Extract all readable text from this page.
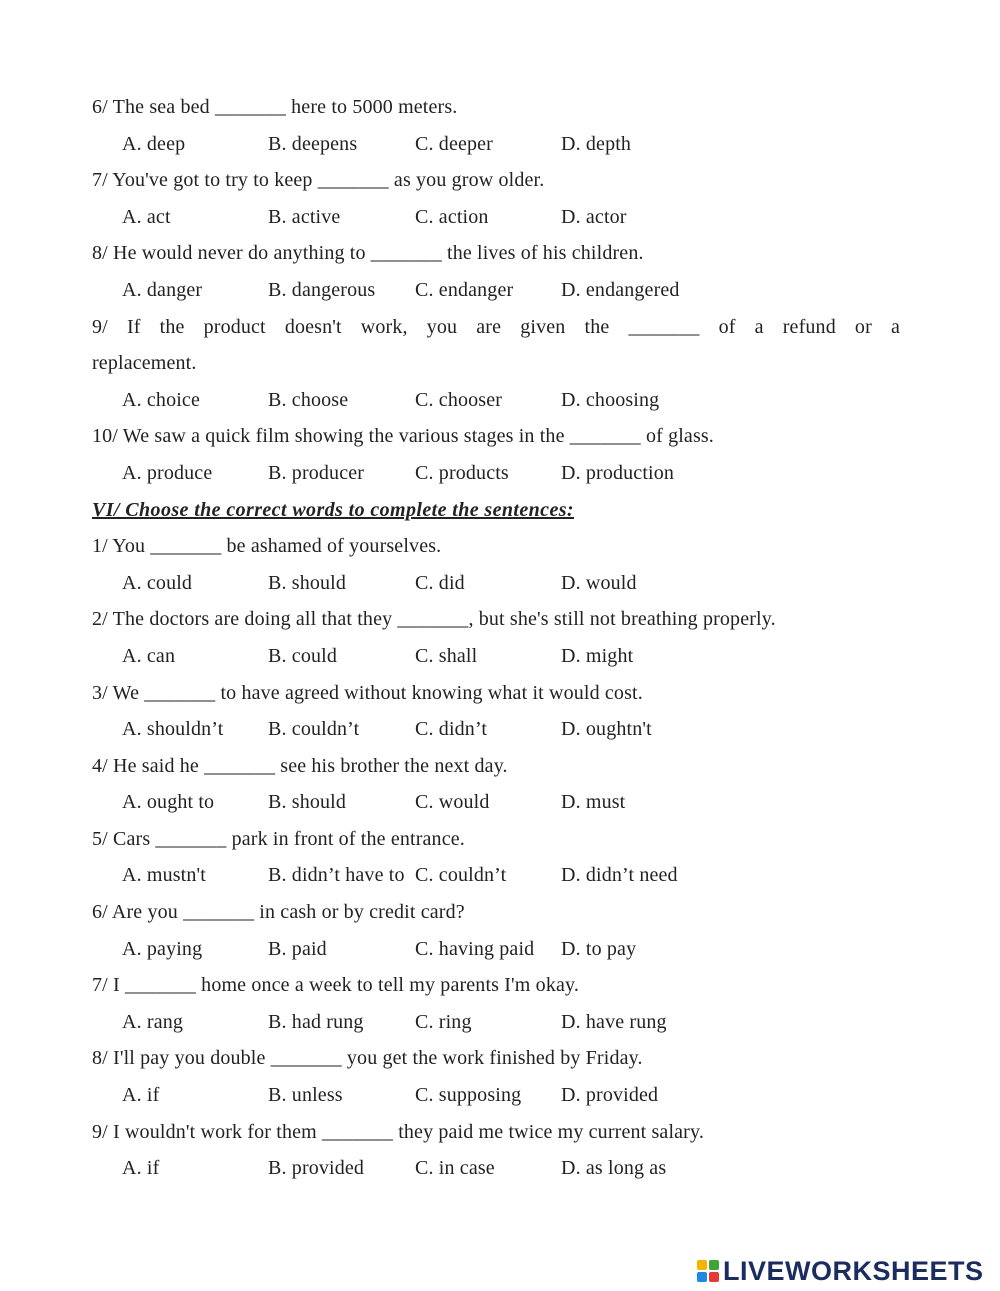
6/ The sea bed _______ here to 5000 meters.
A. deep	B. deepens	C. deeper	D. depth
7/ You've got to try to keep _______ as you grow older.
A. act	B. active	C. action	D. actor
8/ He would never do anything to _______ the lives of his children.
A. danger	B. dangerous C. endanger D. endangered
9/ If the product doesn't work, you are given the _______ of a refund or a
replacement.
A. choice	B. choose	C. chooser	D. choosing
10/ We saw a quick film showing the various stages in the _______ of glass.
A. produce	B. producer	C. products	D. production
VI/ Choose the correct words to complete the sentences:
1/ You _______ be ashamed of yourselves.
A. could	B. should	C. did	D. would
2/ The doctors are doing all that they _______, but she's still not breathing properly.
A. can	B. could	C. shall	D. might
3/ We _______ to have agreed without knowing what it would cost.
A. shouldn’t B. couldn’t	C. didn’t	D. oughtn't
4/ He said he _______ see his brother the next day.
A. ought to	B. should	C. would	D. must
5/ Cars _______ park in front of the entrance.
A. mustn't	B. didn’t have to C. couldn’t	D. didn’t need
6/ Are you _______ in cash or by credit card?
A. paying	B. paid	C. having paid D. to pay
7/ I _______ home once a week to tell my parents I'm okay.
A. rang	B. had rung	C. ring	D. have rung
8/ I'll pay you double _______ you get the work finished by Friday.
A. if	B. unless	C. supposing D. provided
9/ I wouldn't work for them _______ they paid me twice my current salary.
A. if	B. provided	C. in case	D. as long as
LIVEWORKSHEETS
